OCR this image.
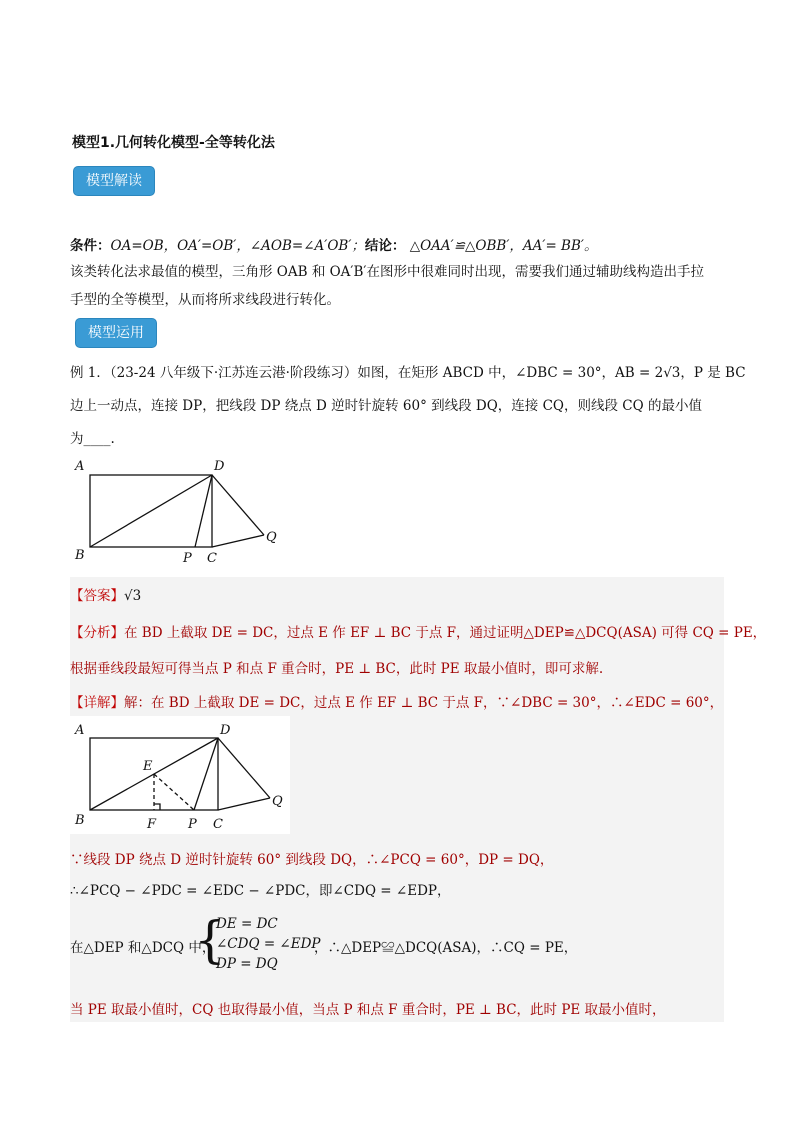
模型1.几何转化模型-全等转化法
模型解读
条件：OA=OB，OA′=OB′，∠AOB=∠A′OB′；结论： △OAA′≌△OBB′，AA′= BB′。
该类转化法求最值的模型，三角形 OAB 和 OA′B′在图形中很难同时出现，需要我们通过辅助线构造出手拉
手型的全等模型，从而将所求线段进行转化。
模型运用
例 1．（23-24 八年级下·江苏连云港·阶段练习）如图，在矩形 ABCD 中，∠DBC = 30°，AB = 2√3，P 是 BC
边上一动点，连接 DP，把线段 DP 绕点 D 逆时针旋转 60° 到线段 DQ，连接 CQ，则线段 CQ 的最小值
为____.
A	D
B	P C
Q
【答案】√3
【分析】在 BD 上截取 DE = DC，过点 E 作 EF ⊥ BC 于点 F，通过证明△DEP≌△DCQ(ASA) 可得 CQ = PE，
根据垂线段最短可得当点 P 和点 F 重合时，PE ⊥ BC，此时 PE 取最小值时，即可求解.
【详解】解：在 BD 上截取 DE = DC，过点 E 作 EF ⊥ BC 于点 F，∵∠DBC = 30°，∴∠EDC = 60°，
A	D
E
B	F P C
Q
∵线段 DP 绕点 D 逆时针旋转 60° 到线段 DQ，∴∠PCQ = 60°，DP = DQ，
∴∠PCQ − ∠PDC = ∠EDC − ∠PDC，即∠CDQ = ∠EDP，
在△DEP 和△DCQ 中，
{
DE = DC
∠CDQ = ∠EDP
DP = DQ
，∴△DEP≌△DCQ(ASA)，∴CQ = PE，
当 PE 取最小值时，CQ 也取得最小值，当点 P 和点 F 重合时，PE ⊥ BC，此时 PE 取最小值时，
